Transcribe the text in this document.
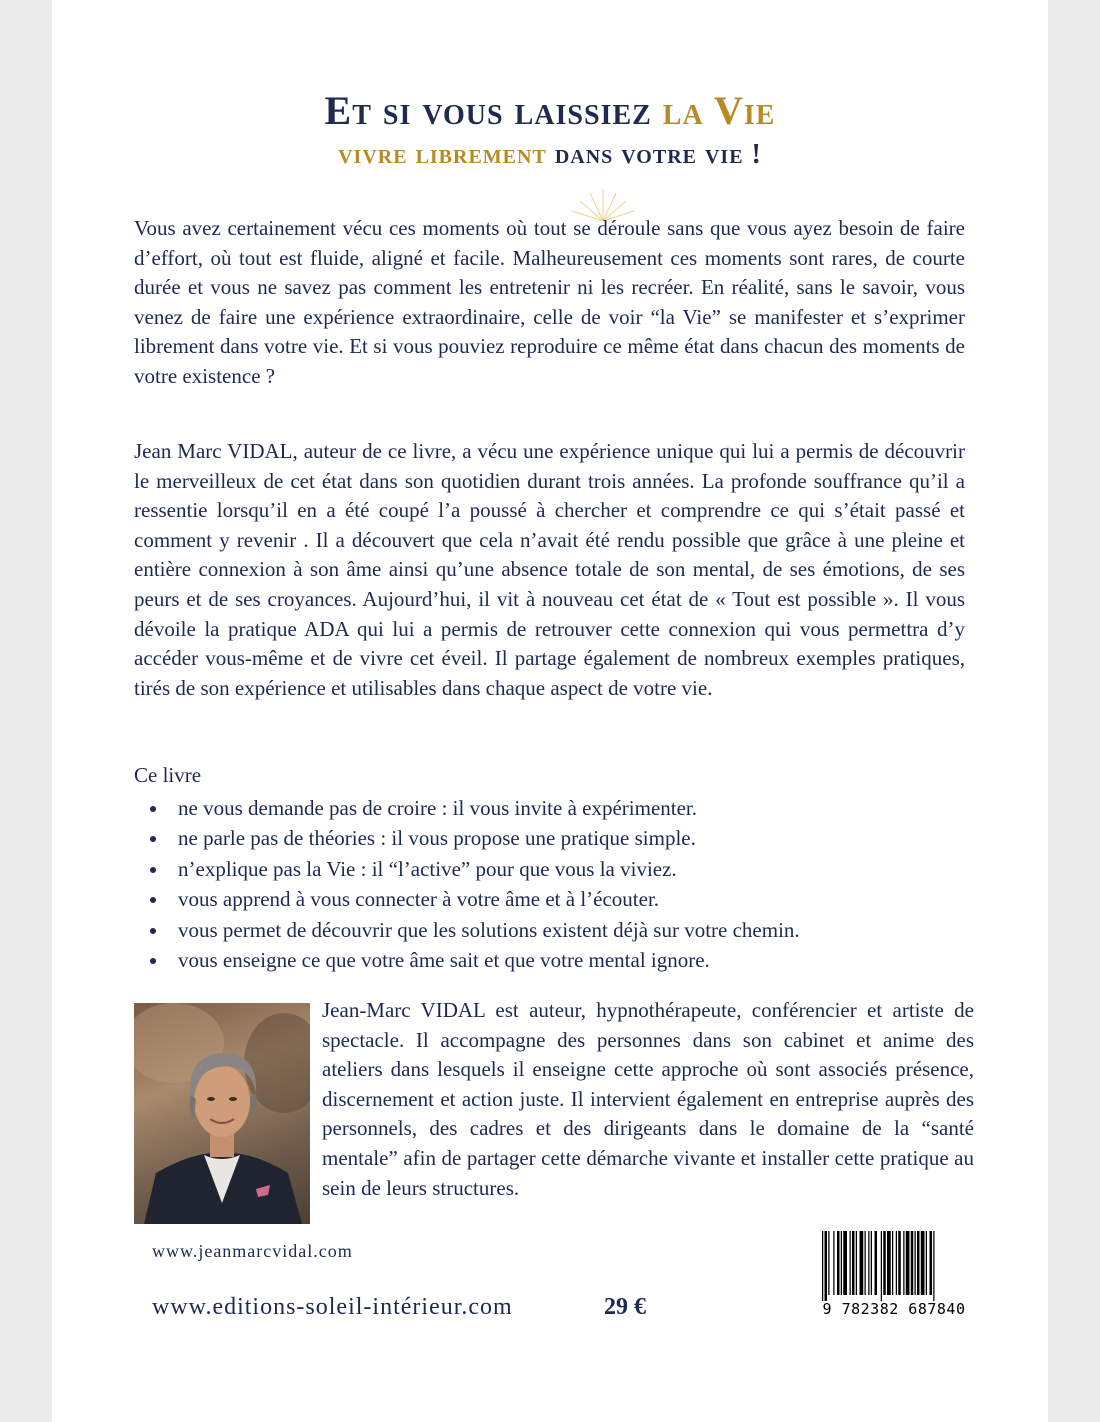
Et si vous laissiez la Vie
vivre librement dans votre vie !

Vous avez certainement vécu ces moments où tout se déroule sans que vous ayez besoin de faire d’effort, où tout est fluide, aligné et facile. Malheureusement ces moments sont rares, de courte durée et vous ne savez pas comment les entretenir ni les recréer. En réalité, sans le savoir, vous venez de faire une expérience extraordinaire, celle de voir “la Vie” se manifester et s’exprimer librement dans votre vie. Et si vous pouviez reproduire ce même état dans chacun des moments de votre existence ?

Jean Marc VIDAL, auteur de ce livre, a vécu une expérience unique qui lui a permis de découvrir le merveilleux de cet état dans son quotidien durant trois années. La profonde souffrance qu’il a ressentie lorsqu’il en a été coupé l’a poussé à chercher et comprendre ce qui s’était passé et comment y revenir . Il a découvert que cela n’avait été rendu possible que grâce à une pleine et entière connexion à son âme ainsi qu’une absence totale de son mental, de ses émotions, de ses peurs et de ses croyances. Aujourd’hui, il vit à nouveau cet état de « Tout est possible ». Il vous dévoile la pratique ADA qui lui a permis de retrouver cette connexion qui vous permettra d’y accéder vous-même et de vivre cet éveil. Il partage également de nombreux exemples pratiques, tirés de son expérience et utilisables dans chaque aspect de votre vie.

Ce livre
ne vous demande pas de croire : il vous invite à expérimenter.
ne parle pas de théories : il vous propose une pratique simple.
n’explique pas la Vie : il “l’active” pour que vous la viviez.
vous apprend à vous connecter à votre âme et à l’écouter.
vous permet de découvrir que les solutions existent déjà sur votre chemin.
vous enseigne ce que votre âme sait et que votre mental ignore.

Jean-Marc VIDAL est auteur, hypnothérapeute, conférencier et artiste de spectacle. Il accompagne des personnes dans son cabinet et anime des ateliers dans lesquels il enseigne cette approche où sont associés présence, discernement et action juste. Il intervient également en entreprise auprès des personnels, des cadres et des dirigeants dans le domaine de la “santé mentale” afin de partager cette démarche vivante et installer cette pratique au sein de leurs structures.

www.jeanmarcvidal.com
www.editions-soleil-intérieur.com	29 €	9 782382 687840
